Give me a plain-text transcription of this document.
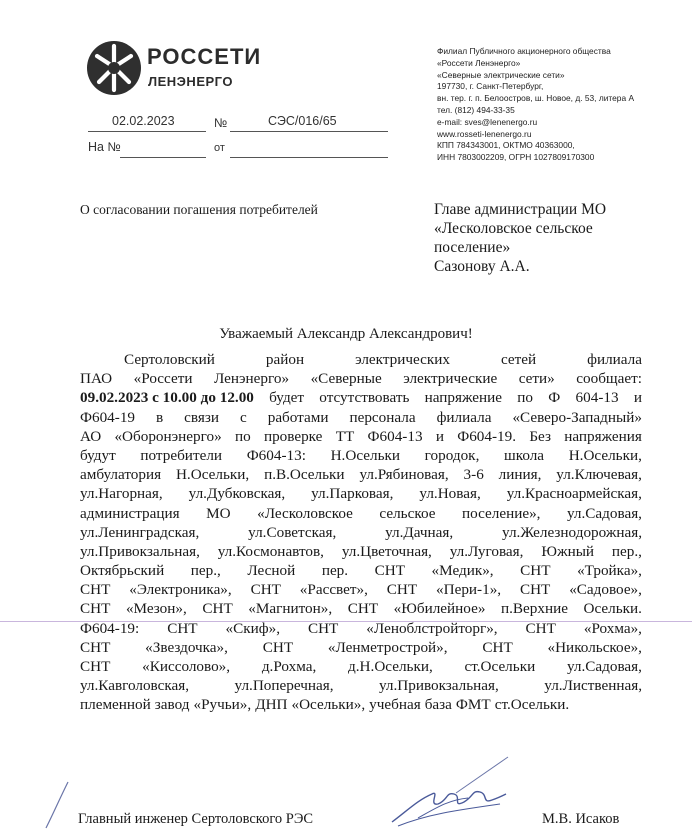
РОССЕТИ
ЛЕНЭНЕРГО
Филиал Публичного акционерного общества
«Россети Ленэнерго»
«Северные электрические сети»
197730, г. Санкт-Петербург,
вн. тер. г. п. Белоостров, ш. Новое, д. 53, литера А
тел. (812) 494-33-35
e-mail: sves@lenenergo.ru
www.rosseti-lenenergo.ru
КПП 784343001, ОКТМО 40363000,
ИНН 7803002209, ОГРН 1027809170300
02.02.2023	№	СЭС/016/65
На №	от
О согласовании погашения потребителей	Главе администрации МО
«Лесколовское сельское
поселение»
Сазонову А.А.
Уважаемый Александр Александрович!
Сертоловский	район	электрических	сетей	филиала
ПАО «Россети Ленэнерго» «Северные электрические сети» сообщает:
09.02.2023 с 10.00 до 12.00 будет отсутствовать напряжение по Ф 604-13 и
Ф604-19 в связи с работами персонала филиала «Северо-Западный»
АО «Оборонэнерго» по проверке ТТ Ф604-13 и Ф604-19. Без напряжения
будут потребители Ф604-13: Н.Осельки городок, школа Н.Осельки,
амбулатория Н.Осельки, п.В.Осельки ул.Рябиновая, 3-6 линия, ул.Ключевая,
ул.Нагорная, ул.Дубковская, ул.Парковая, ул.Новая, ул.Красноармейская,
администрация МО «Лесколовское сельское поселение», ул.Садовая,
ул.Ленинградская,	ул.Советская,	ул.Дачная,	ул.Железнодорожная,
ул.Привокзальная, ул.Космонавтов, ул.Цветочная, ул.Луговая, Южный пер.,
Октябрьский пер., Лесной пер. СНТ «Медик», СНТ «Тройка»,
СНТ «Электроника», СНТ «Рассвет», СНТ «Пери-1», СНТ «Садовое»,
СНТ «Мезон», СНТ «Магнитон», СНТ «Юбилейное» п.Верхние Осельки.
Ф604-19: СНТ «Скиф», СНТ «Ленoблстройторг», СНТ «Рохма»,
СНТ «Звездочка», СНТ «Ленметрострой», СНТ «Никольское»,
СНТ «Киссолово», д.Рохма, д.Н.Осельки, ст.Осельки ул.Садовая,
ул.Кавголовская,	ул.Поперечная,	ул.Привокзальная,	ул.Лиственная,
племенной завод «Ручьи», ДНП «Осельки», учебная база ФМТ ст.Осельки.
Главный инженер Сертоловского РЭС	М.В. Исаков
